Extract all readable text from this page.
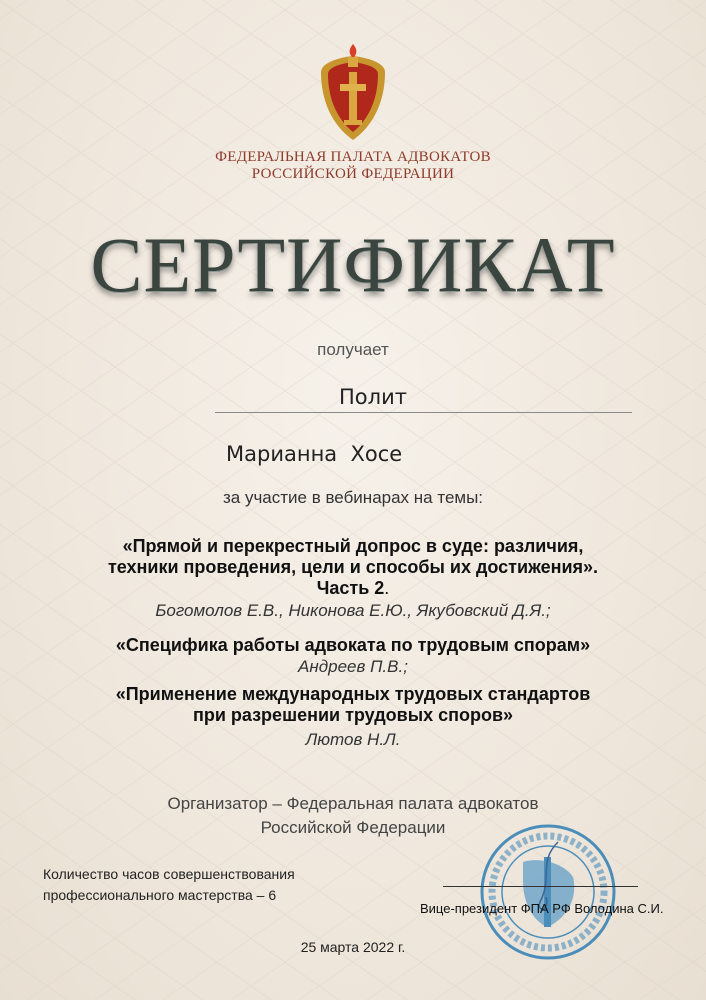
ФЕДЕРАЛЬНАЯ ПАЛАТА АДВОКАТОВ
РОССИЙСКОЙ ФЕДЕРАЦИИ
СЕРТИФИКАТ
получает
Полит
Марианна  Хосе
за участие в вебинарах на темы:
«Прямой и перекрестный допрос в суде: различия,
техники проведения, цели и способы их достижения».
Часть 2.
Богомолов Е.В., Никонова Е.Ю., Якубовский Д.Я.;
«Специфика работы адвоката по трудовым спорам»
Андреев П.В.;
«Применение международных трудовых стандартов
при разрешении трудовых споров»
Лютов Н.Л.
Организатор – Федеральная палата адвокатов
Российской Федерации
Количество часов совершенствования
профессионального мастерства – 6
Вице-президент ФПА РФ Володина С.И.
25 марта 2022 г.
